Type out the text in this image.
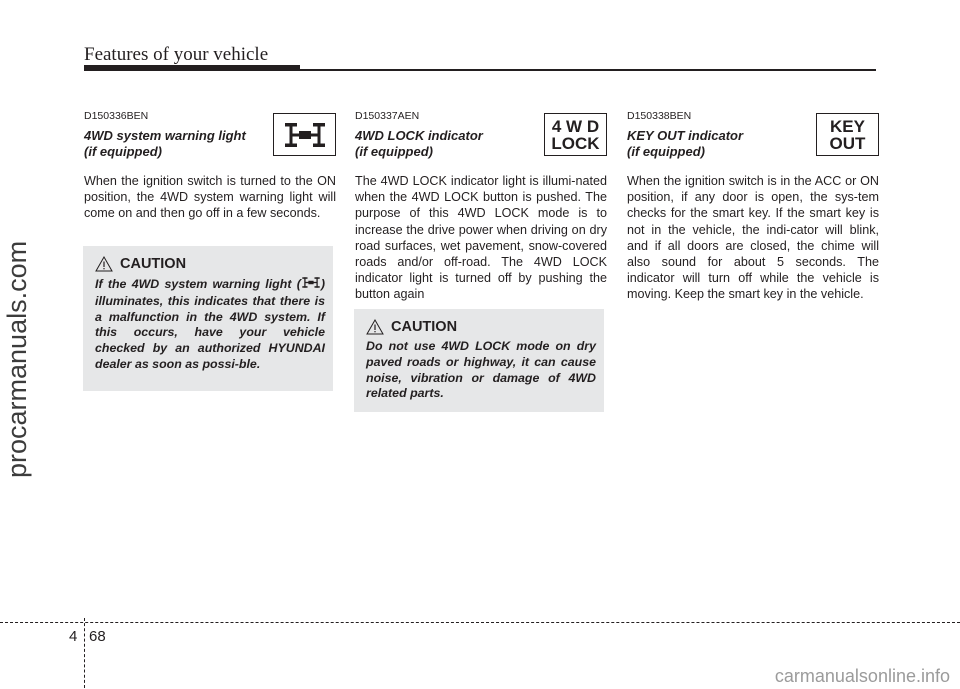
Features of your vehicle
procarmanuals.com
D150336BEN
4WD system warning light
(if equipped)
When the ignition switch is turned to the ON position, the 4WD system warning light will come on and then go off in a few seconds.
CAUTION
If the 4WD system warning light ( ) illuminates, this indicates that there is a malfunction in the 4WD system. If this occurs, have your vehicle checked by an authorized HYUNDAI dealer as soon as possi-ble.
D150337AEN
4WD LOCK indicator
(if equipped)
4 W D
LOCK
The 4WD LOCK indicator light is illumi-nated when the 4WD LOCK button is pushed. The purpose of this 4WD LOCK mode is to increase the drive power when driving on dry road surfaces, wet pavement, snow-covered roads and/or off-road. The 4WD LOCK indicator light is turned off by pushing the button again
CAUTION
Do not use 4WD LOCK mode on dry paved roads or highway, it can cause noise, vibration or damage of 4WD related parts.
D150338BEN
KEY OUT indicator
(if equipped)
KEY
OUT
When the ignition switch is in the ACC or ON position, if any door is open, the sys-tem checks for the smart key. If the smart key is not in the vehicle, the indi-cator will blink, and if all doors are closed, the chime will also sound for about 5 seconds. The indicator will turn off while the vehicle is moving. Keep the smart key in the vehicle.
4 68
carmanualsonline.info
